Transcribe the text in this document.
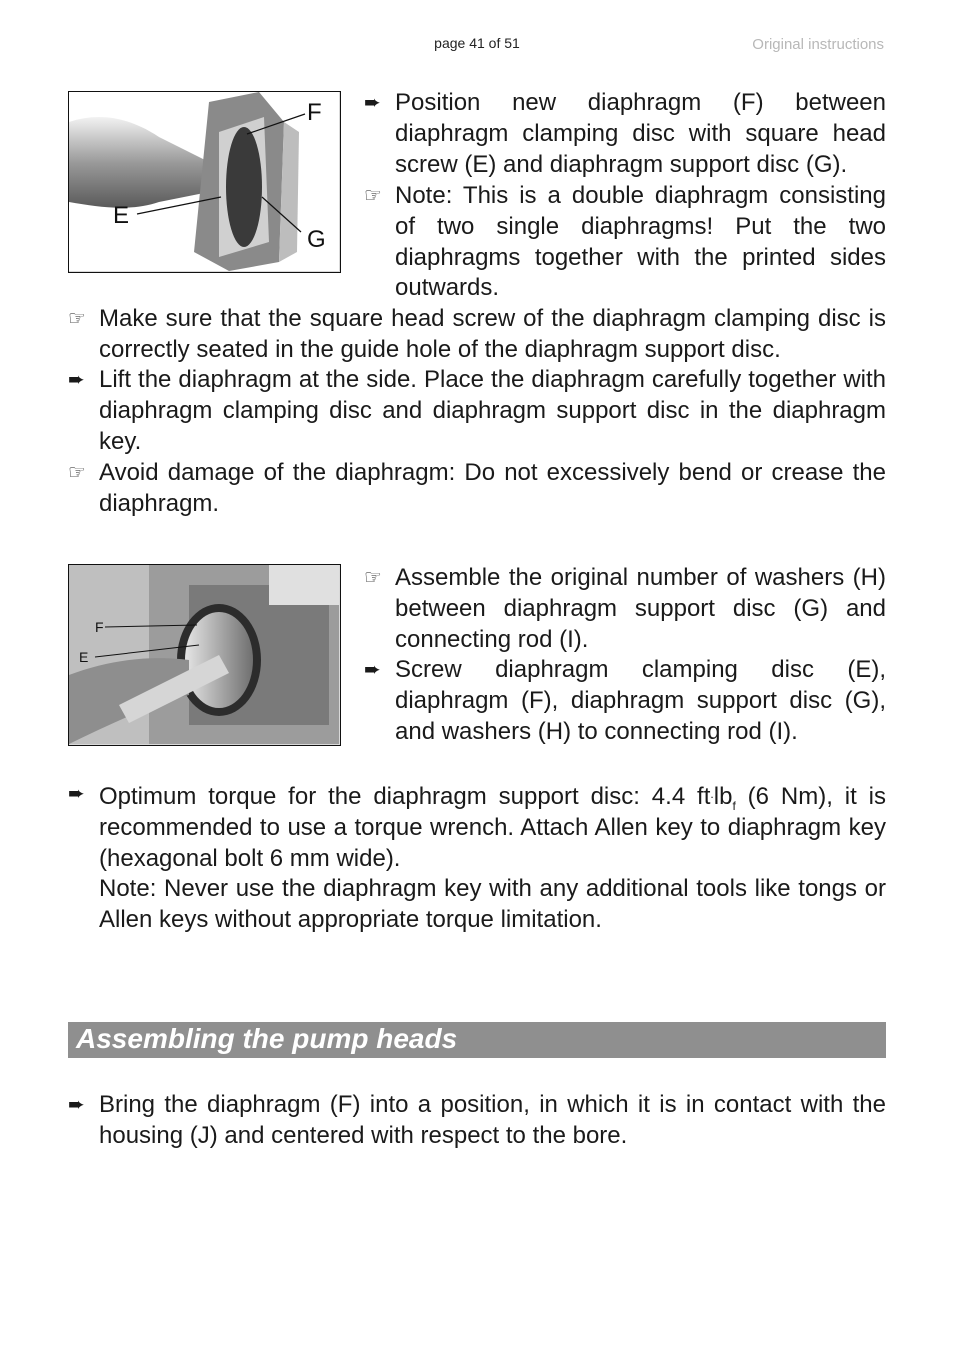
page 41 of 51	Original instructions
F
E
G
F
E
➨ Position new diaphragm (F) between diaphragm clamping disc with square head screw (E) and diaphragm support disc (G).
☞ Note: This is a double diaphragm consisting of two single diaphragms! Put the two diaphragms together with the printed sides outwards.
☞ Make sure that the square head screw of the diaphragm clamping disc is correctly seated in the guide hole of the diaphragm support disc.
➨ Lift the diaphragm at the side. Place the diaphragm carefully together with diaphragm clamping disc and diaphragm support disc in the diaphragm key.
☞ Avoid damage of the diaphragm: Do not excessively bend or crease the diaphragm.
☞ Assemble the original number of washers (H) between diaphragm support disc (G) and connecting rod (I).
➨ Screw diaphragm clamping disc (E), diaphragm (F), diaphragm support disc (G), and washers (H) to connecting rod (I).
➨ Optimum torque for the diaphragm support disc: 4.4 $ft^.lb_f$ (6 Nm), it is recommended to use a torque wrench. Attach Allen key to diaphragm key (hexagonal bolt 6 mm wide).
Note: Never use the diaphragm key with any additional tools like tongs or Allen keys without appropriate torque limitation.
Assembling the pump heads
➨ Bring the diaphragm (F) into a position, in which it is in contact with the housing (J) and centered with respect to the bore.
